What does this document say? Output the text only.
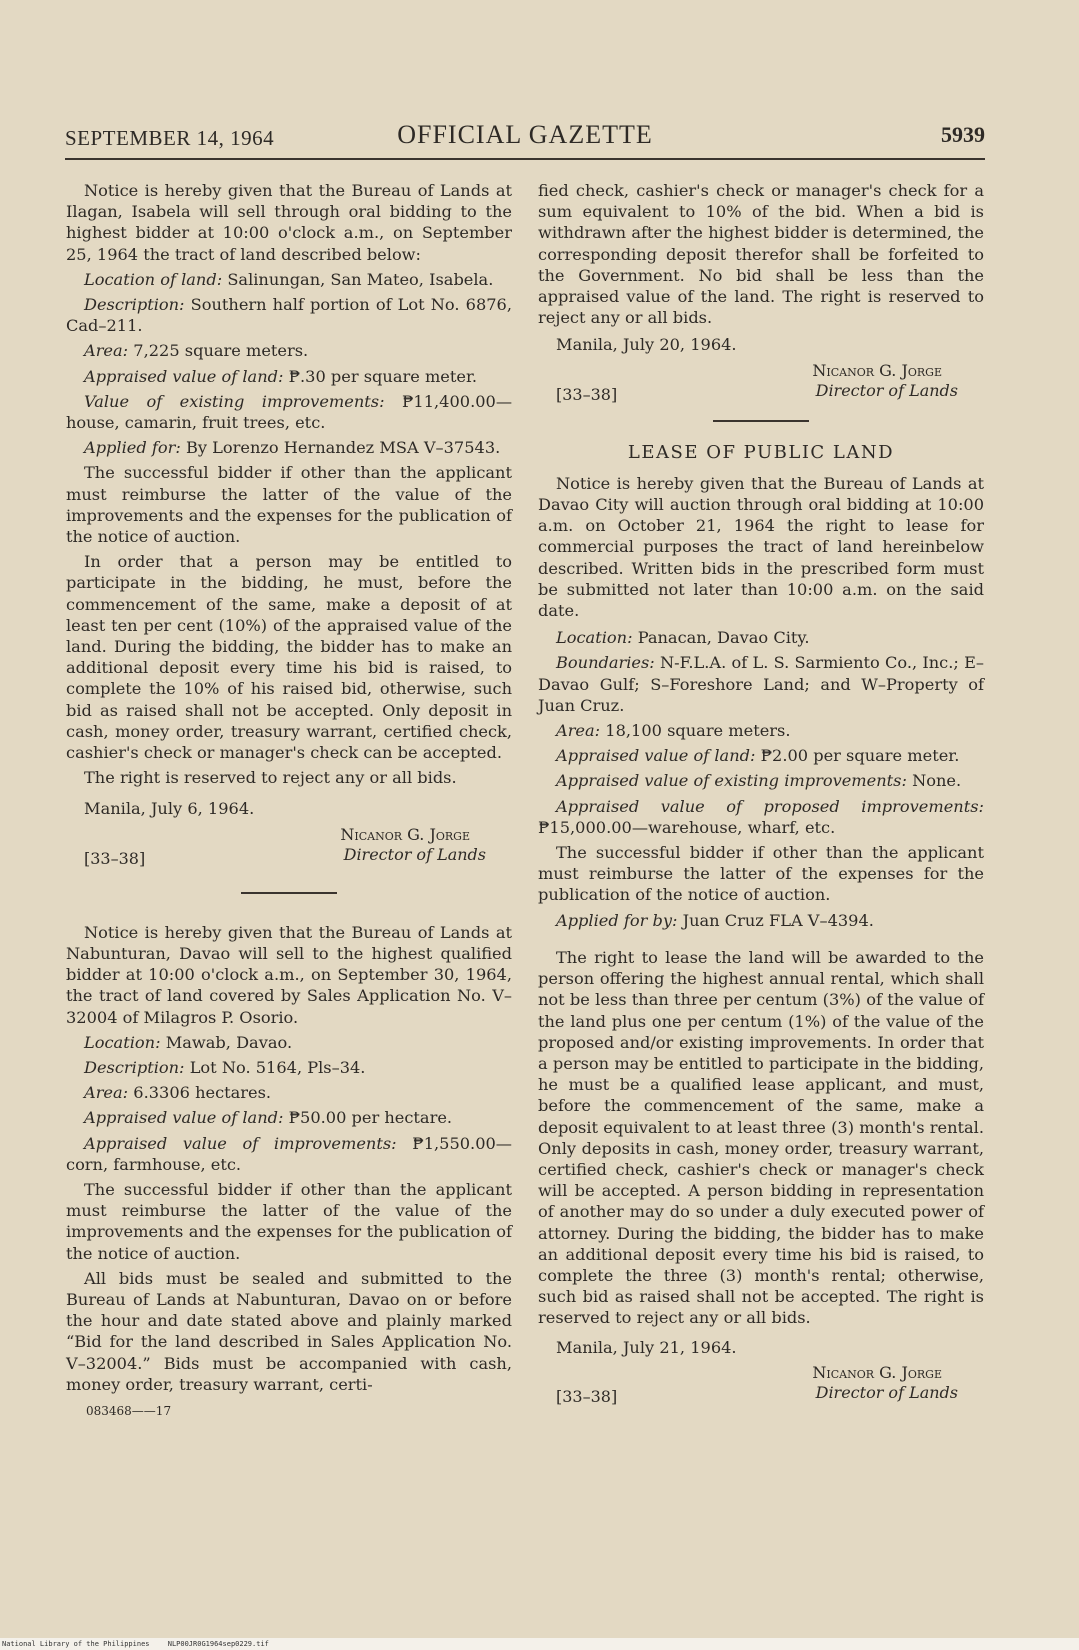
SEPTEMBER 14, 1964	OFFICIAL GAZETTE	5939

Notice is hereby given that the Bureau of Lands at Ilagan, Isabela will sell through oral bidding to the highest bidder at 10:00 o'clock a.m., on September 25, 1964 the tract of land described below:

Location of land: Salinungan, San Mateo, Isabela.

Description: Southern half portion of Lot No. 6876, Cad–211.

Area: 7,225 square meters.

Appraised value of land: ₱.30 per square meter.

Value of existing improvements: ₱11,400.00—house, camarin, fruit trees, etc.

Applied for: By Lorenzo Hernandez MSA V–37543.

The successful bidder if other than the applicant must reimburse the latter of the value of the improvements and the expenses for the publication of the notice of auction.

In order that a person may be entitled to participate in the bidding, he must, before the commencement of the same, make a deposit of at least ten per cent (10%) of the appraised value of the land. During the bidding, the bidder has to make an additional deposit every time his bid is raised, to complete the 10% of his raised bid, otherwise, such bid as raised shall not be accepted. Only deposit in cash, money order, treasury warrant, certified check, cashier's check or manager's check can be accepted.

The right is reserved to reject any or all bids.

Manila, July 6, 1964.

Nicanor G. Jorge
Director of Lands
[33–38]

Notice is hereby given that the Bureau of Lands at Nabunturan, Davao will sell to the highest qualified bidder at 10:00 o'clock a.m., on September 30, 1964, the tract of land covered by Sales Application No. V–32004 of Milagros P. Osorio.

Location: Mawab, Davao.

Description: Lot No. 5164, Pls–34.

Area: 6.3306 hectares.

Appraised value of land: ₱50.00 per hectare.

Appraised value of improvements: ₱1,550.00—corn, farmhouse, etc.

The successful bidder if other than the applicant must reimburse the latter of the value of the improvements and the expenses for the publication of the notice of auction.

All bids must be sealed and submitted to the Bureau of Lands at Nabunturan, Davao on or before the hour and date stated above and plainly marked “Bid for the land described in Sales Application No. V–32004.” Bids must be accompanied with cash, money order, treasury warrant, certi-

083468——17

fied check, cashier's check or manager's check for a sum equivalent to 10% of the bid. When a bid is withdrawn after the highest bidder is determined, the corresponding deposit therefor shall be forfeited to the Government. No bid shall be less than the appraised value of the land. The right is reserved to reject any or all bids.

Manila, July 20, 1964.

Nicanor G. Jorge
Director of Lands
[33–38]

LEASE OF PUBLIC LAND

Notice is hereby given that the Bureau of Lands at Davao City will auction through oral bidding at 10:00 a.m. on October 21, 1964 the right to lease for commercial purposes the tract of land hereinbelow described. Written bids in the prescribed form must be submitted not later than 10:00 a.m. on the said date.

Location: Panacan, Davao City.

Boundaries: N-F.L.A. of L. S. Sarmiento Co., Inc.; E–Davao Gulf; S–Foreshore Land; and W–Property of Juan Cruz.

Area: 18,100 square meters.

Appraised value of land: ₱2.00 per square meter.

Appraised value of existing improvements: None.

Appraised value of proposed improvements: ₱15,000.00—warehouse, wharf, etc.

The successful bidder if other than the applicant must reimburse the latter of the expenses for the publication of the notice of auction.

Applied for by: Juan Cruz FLA V–4394.

The right to lease the land will be awarded to the person offering the highest annual rental, which shall not be less than three per centum (3%) of the value of the land plus one per centum (1%) of the value of the proposed and/or existing improvements. In order that a person may be entitled to participate in the bidding, he must be a qualified lease applicant, and must, before the commencement of the same, make a deposit equivalent to at least three (3) month's rental. Only deposits in cash, money order, treasury warrant, certified check, cashier's check or manager's check will be accepted. A person bidding in representation of another may do so under a duly executed power of attorney. During the bidding, the bidder has to make an additional deposit every time his bid is raised, to complete the three (3) month's rental; otherwise, such bid as raised shall not be accepted. The right is reserved to reject any or all bids.

Manila, July 21, 1964.

Nicanor G. Jorge
Director of Lands
[33–38]
National Library of the Philippines	NLP00JR0G1964sep0229.tif
